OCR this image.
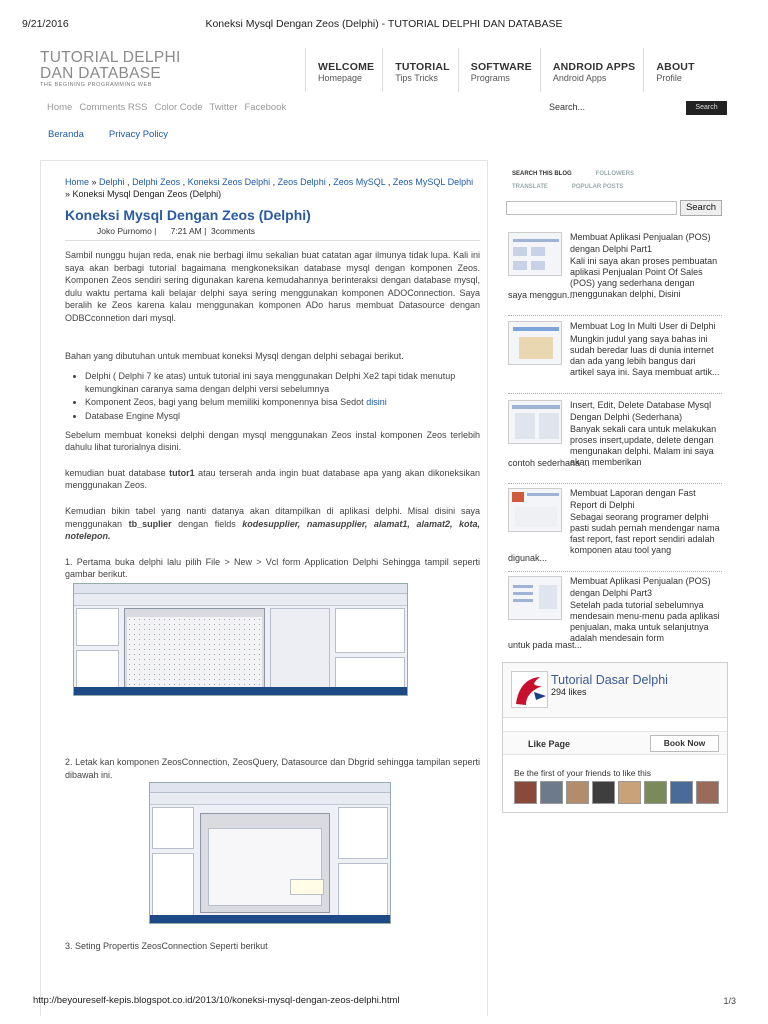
9/21/2016	Koneksi Mysql Dengan Zeos (Delphi) - TUTORIAL DELPHI DAN DATABASE
TUTORIAL DELPHI
DAN DATABASE
THE BEGINING PROGRAMMING WEB
WELCOME
Homepage
TUTORIAL
Tips Tricks
SOFTWARE
Programs
ANDROID APPS
Android Apps
ABOUT
Profile
Home Comments RSS Color Code Twitter Facebook	Search...	Search
Beranda	Privacy Policy
Home » Delphi , Delphi Zeos , Koneksi Zeos Delphi , Zeos Delphi , Zeos MySQL , Zeos MySQL Delphi » Koneksi Mysql Dengan Zeos (Delphi)
Koneksi Mysql Dengan Zeos (Delphi)
Joko Purnomo |      7:21 AM |  3comments

Sambil nunggu hujan reda, enak nie berbagi ilmu sekalian buat catatan agar ilmunya tidak lupa. Kali ini saya akan berbagi tutorial bagaimana mengkoneksikan database mysql dengan komponen Zeos. Komponen Zeos sendiri sering digunakan karena kemudahannya berinteraksi dengan database mysql, dulu waktu pertama kali belajar delphi saya sering menggunakan komponen ADOConnection. Saya beralih ke Zeos karena kalau menggunakan komponen ADo harus membuat Datasource dengan ODBCconnetion dari mysql.

Bahan yang dibutuhan untuk membuat koneksi Mysql dengan delphi sebagai berikut.

• Delphi ( Delphi 7 ke atas) untuk tutorial ini saya menggunakan Delphi Xe2 tapi tidak menutup kemungkinan caranya sama dengan delphi versi sebelumnya
• Komponent Zeos, bagi yang belum memiliki komponennya bisa Sedot disini
• Database Engine Mysql

Sebelum membuat koneksi delphi dengan mysql menggunakan Zeos instal komponen Zeos terlebih dahulu lihat turorialnya disini.

kemudian buat database tutor1 atau terserah anda ingin buat database apa yang akan dikoneksikan menggunakan Zeos.

Kemudian bikin tabel yang nanti datanya akan ditampilkan di aplikasi delphi. Misal disini saya menggunakan tb_suplier dengan fields kodesupplier, namasupplier, alamat1, alamat2, kota, notelepon.

1. Pertama buka delphi lalu pilih File > New > Vcl form Application Delphi Sehingga tampil seperti gambar berikut.

2. Letak kan komponen ZeosConnection, ZeosQuery, Datasource dan Dbgrid sehingga tampilan seperti dibawah ini.
3. Seting Propertis ZeosConnection Seperti berikut
SEARCH THIS BLOG	FOLLOWERS
TRANSLATE	POPULAR POSTS
Search
Membuat Aplikasi Penjualan (POS) dengan Delphi Part1
Kali ini saya akan proses pembuatan aplikasi Penjualan Point Of Sales (POS) yang sederhana dengan menggunakan delphi, Disini
saya menggun...
Membuat Log In Multi User di Delphi
Mungkin judul yang saya bahas ini sudah beredar luas di dunia internet dan ada yang lebih bangus dari artikel saya ini. Saya membuat artik...
Insert, Edit, Delete Database Mysql Dengan Delphi (Sederhana)
Banyak sekali cara untuk melakukan proses insert,update, delete dengan mengunakan delphi. Malam ini saya akan memberikan
contoh sederhana ...
Membuat Laporan dengan Fast Report di Delphi
Sebagai seorang programer delphi pasti sudah pernah mendengar nama fast report, fast report sendiri adalah komponen atau tool yang
digunak...
Membuat Aplikasi Penjualan (POS) dengan Delphi Part3
Setelah pada tutorial sebelumnya mendesain menu-menu pada aplikasi penjualan, maka untuk selanjutnya adalah mendesain form
untuk pada mast...
Tutorial Dasar Delphi
294 likes
Like Page	Book Now
Be the first of your friends to like this
http://beyoureself-kepis.blogspot.co.id/2013/10/koneksi-mysql-dengan-zeos-delphi.html	1/3
